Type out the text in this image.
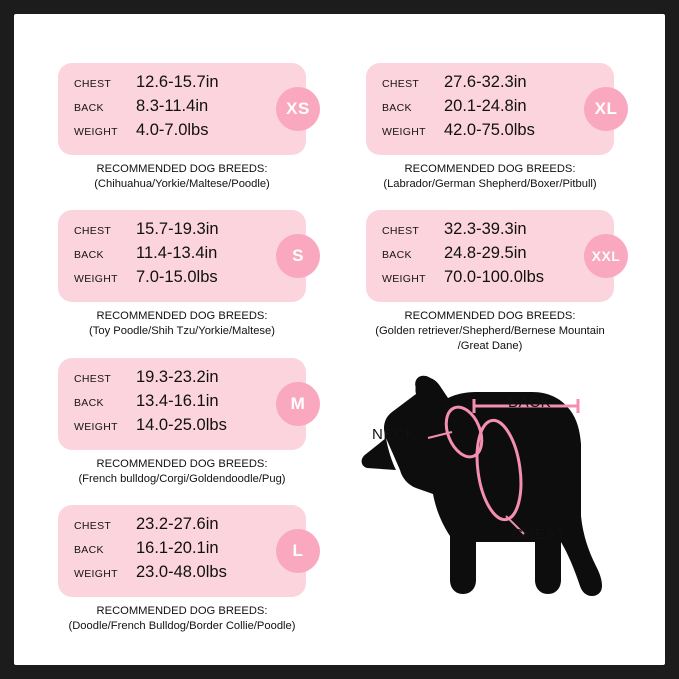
CHEST	12.6-15.7in
BACK	8.3-11.4in
WEIGHT	4.0-7.0lbs
XS
RECOMMENDED DOG BREEDS:
(Chihuahua/Yorkie/Maltese/Poodle)
CHEST	15.7-19.3in
BACK	11.4-13.4in
WEIGHT	7.0-15.0lbs
S
RECOMMENDED DOG BREEDS:
(Toy Poodle/Shih Tzu/Yorkie/Maltese)
CHEST	19.3-23.2in
BACK	13.4-16.1in
WEIGHT	14.0-25.0lbs
M
RECOMMENDED DOG BREEDS:
(French bulldog/Corgi/Goldendoodle/Pug)
CHEST	23.2-27.6in
BACK	16.1-20.1in
WEIGHT	23.0-48.0lbs
L
RECOMMENDED DOG BREEDS:
(Doodle/French Bulldog/Border Collie/Poodle)
CHEST	27.6-32.3in
BACK	20.1-24.8in
WEIGHT	42.0-75.0lbs
XL
RECOMMENDED DOG BREEDS:
(Labrador/German Shepherd/Boxer/Pitbull)
CHEST	32.3-39.3in
BACK	24.8-29.5in
WEIGHT	70.0-100.0lbs
XXL
RECOMMENDED DOG BREEDS:
(Golden retriever/Shepherd/Bernese Mountain
/Great Dane)
BACK
NECK
CHEST
